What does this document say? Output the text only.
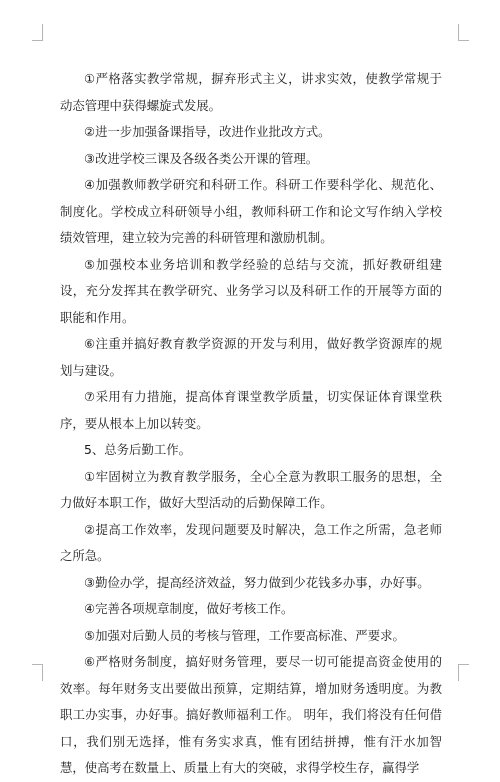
①严格落实教学常规，摒弃形式主义，讲求实效，使教学常规于动态管理中获得螺旋式发展。

②进一步加强备课指导，改进作业批改方式。

③改进学校三课及各级各类公开课的管理。

④加强教师教学研究和科研工作。科研工作要科学化、规范化、制度化。学校成立科研领导小组，教师科研工作和论文写作纳入学校绩效管理，建立较为完善的科研管理和激励机制。

⑤加强校本业务培训和教学经验的总结与交流，抓好教研组建设，充分发挥其在教学研究、业务学习以及科研工作的开展等方面的职能和作用。

⑥注重并搞好教育教学资源的开发与利用，做好教学资源库的规划与建设。

⑦采用有力措施，提高体育课堂教学质量，切实保证体育课堂秩序，要从根本上加以转变。

5、总务后勤工作。

①牢固树立为教育教学服务，全心全意为教职工服务的思想，全力做好本职工作，做好大型活动的后勤保障工作。

②提高工作效率，发现问题要及时解决，急工作之所需，急老师之所急。

③勤俭办学，提高经济效益，努力做到少花钱多办事，办好事。

④完善各项规章制度，做好考核工作。

⑤加强对后勤人员的考核与管理，工作要高标准、严要求。

⑥严格财务制度，搞好财务管理，要尽一切可能提高资金使用的效率。每年财务支出要做出预算，定期结算，增加财务透明度。为教职工办实事，办好事。搞好教师福利工作。 明年，我们将没有任何借口，我们别无选择，惟有务实求真，惟有团结拼搏，惟有汗水加智慧，使高考在数量上、质量上有大的突破，求得学校生存，赢得学
